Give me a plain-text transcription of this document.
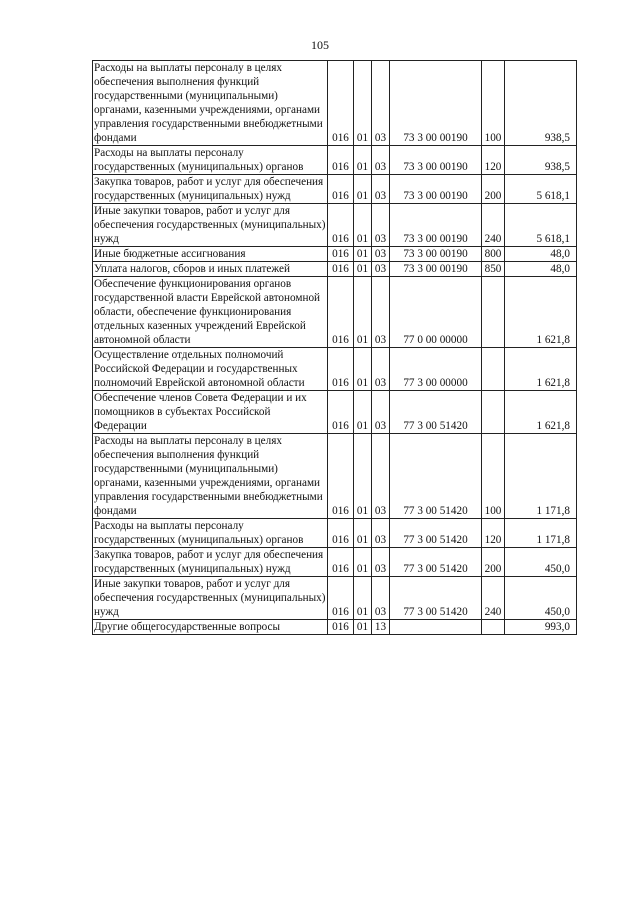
105
Расходы на выплаты персоналу в целях обеспечения выполнения функций государственными (муниципальными) органами, казенными учреждениями, органами управления государственными внебюджетными фондами	016	01	03	73 3 00 00190	100	938,5
Расходы на выплаты персоналу государственных (муниципальных) органов	016	01	03	73 3 00 00190	120	938,5
Закупка товаров, работ и услуг для обеспечения государственных (муниципальных) нужд	016	01	03	73 3 00 00190	200	5 618,1
Иные закупки товаров, работ и услуг для обеспечения государственных (муниципальных) нужд	016	01	03	73 3 00 00190	240	5 618,1
Иные бюджетные ассигнования	016	01	03	73 3 00 00190	800	48,0
Уплата налогов, сборов и иных платежей	016	01	03	73 3 00 00190	850	48,0
Обеспечение функционирования органов государственной власти Еврейской автономной области, обеспечение функционирования отдельных казенных учреждений Еврейской автономной области	016	01	03	77 0 00 00000		1 621,8
Осуществление отдельных полномочий Российской Федерации и государственных полномочий Еврейской автономной области	016	01	03	77 3 00 00000		1 621,8
Обеспечение членов Совета Федерации и их помощников в субъектах Российской Федерации	016	01	03	77 3 00 51420		1 621,8
Расходы на выплаты персоналу в целях обеспечения выполнения функций государственными (муниципальными) органами, казенными учреждениями, органами управления государственными внебюджетными фондами	016	01	03	77 3 00 51420	100	1 171,8
Расходы на выплаты персоналу государственных (муниципальных) органов	016	01	03	77 3 00 51420	120	1 171,8
Закупка товаров, работ и услуг для обеспечения государственных (муниципальных) нужд	016	01	03	77 3 00 51420	200	450,0
Иные закупки товаров, работ и услуг для обеспечения государственных (муниципальных) нужд	016	01	03	77 3 00 51420	240	450,0
Другие общегосударственные вопросы	016	01	13			993,0
